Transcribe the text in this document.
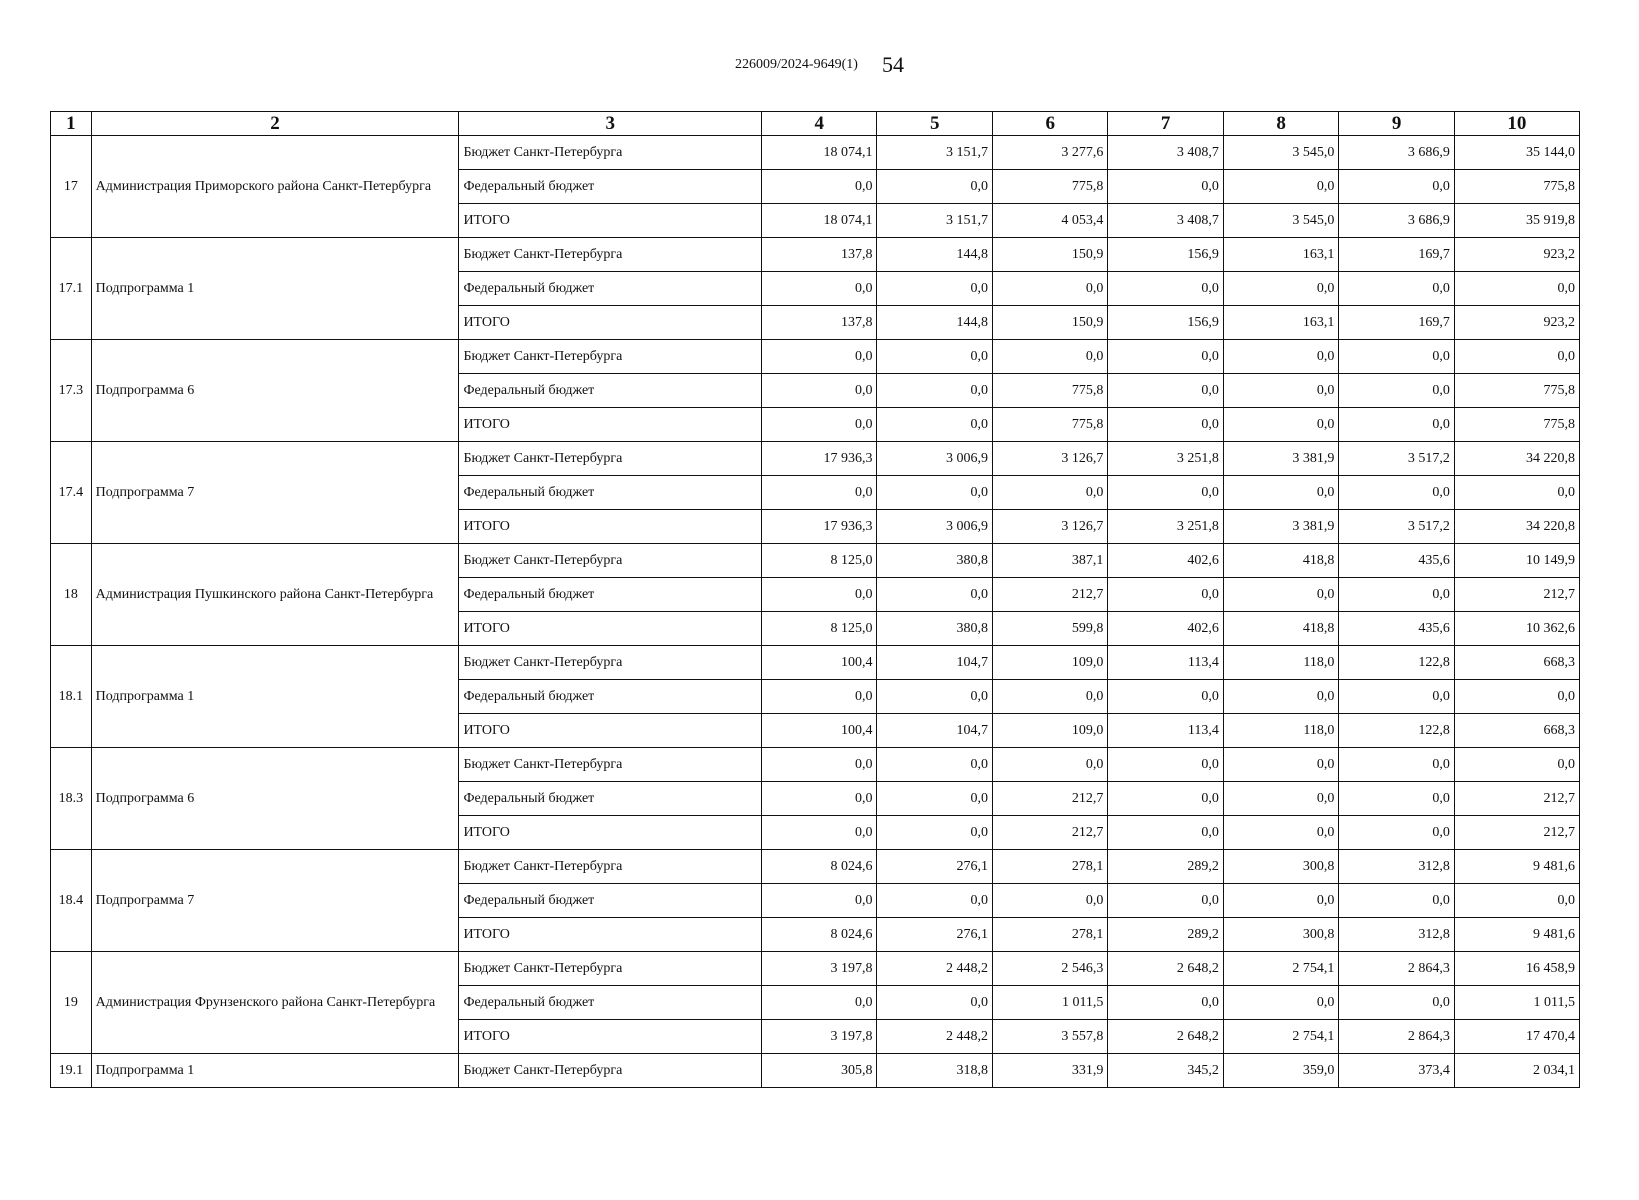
226009/2024-9649(1) 54
1	2	3	4	5	6	7	8	9	10
17	Администрация Приморского района Санкт-Петербурга	Бюджет Санкт-Петербурга	18 074,1	3 151,7	3 277,6	3 408,7	3 545,0	3 686,9	35 144,0
		Федеральный бюджет	0,0	0,0	775,8	0,0	0,0	0,0	775,8
		ИТОГО	18 074,1	3 151,7	4 053,4	3 408,7	3 545,0	3 686,9	35 919,8
17.1	Подпрограмма 1	Бюджет Санкт-Петербурга	137,8	144,8	150,9	156,9	163,1	169,7	923,2
		Федеральный бюджет	0,0	0,0	0,0	0,0	0,0	0,0	0,0
		ИТОГО	137,8	144,8	150,9	156,9	163,1	169,7	923,2
17.3	Подпрограмма 6	Бюджет Санкт-Петербурга	0,0	0,0	0,0	0,0	0,0	0,0	0,0
		Федеральный бюджет	0,0	0,0	775,8	0,0	0,0	0,0	775,8
		ИТОГО	0,0	0,0	775,8	0,0	0,0	0,0	775,8
17.4	Подпрограмма 7	Бюджет Санкт-Петербурга	17 936,3	3 006,9	3 126,7	3 251,8	3 381,9	3 517,2	34 220,8
		Федеральный бюджет	0,0	0,0	0,0	0,0	0,0	0,0	0,0
		ИТОГО	17 936,3	3 006,9	3 126,7	3 251,8	3 381,9	3 517,2	34 220,8
18	Администрация Пушкинского района Санкт-Петербурга	Бюджет Санкт-Петербурга	8 125,0	380,8	387,1	402,6	418,8	435,6	10 149,9
		Федеральный бюджет	0,0	0,0	212,7	0,0	0,0	0,0	212,7
		ИТОГО	8 125,0	380,8	599,8	402,6	418,8	435,6	10 362,6
18.1	Подпрограмма 1	Бюджет Санкт-Петербурга	100,4	104,7	109,0	113,4	118,0	122,8	668,3
		Федеральный бюджет	0,0	0,0	0,0	0,0	0,0	0,0	0,0
		ИТОГО	100,4	104,7	109,0	113,4	118,0	122,8	668,3
18.3	Подпрограмма 6	Бюджет Санкт-Петербурга	0,0	0,0	0,0	0,0	0,0	0,0	0,0
		Федеральный бюджет	0,0	0,0	212,7	0,0	0,0	0,0	212,7
		ИТОГО	0,0	0,0	212,7	0,0	0,0	0,0	212,7
18.4	Подпрограмма 7	Бюджет Санкт-Петербурга	8 024,6	276,1	278,1	289,2	300,8	312,8	9 481,6
		Федеральный бюджет	0,0	0,0	0,0	0,0	0,0	0,0	0,0
		ИТОГО	8 024,6	276,1	278,1	289,2	300,8	312,8	9 481,6
19	Администрация Фрунзенского района Санкт-Петербурга	Бюджет Санкт-Петербурга	3 197,8	2 448,2	2 546,3	2 648,2	2 754,1	2 864,3	16 458,9
		Федеральный бюджет	0,0	0,0	1 011,5	0,0	0,0	0,0	1 011,5
		ИТОГО	3 197,8	2 448,2	3 557,8	2 648,2	2 754,1	2 864,3	17 470,4
19.1	Подпрограмма 1	Бюджет Санкт-Петербурга	305,8	318,8	331,9	345,2	359,0	373,4	2 034,1
